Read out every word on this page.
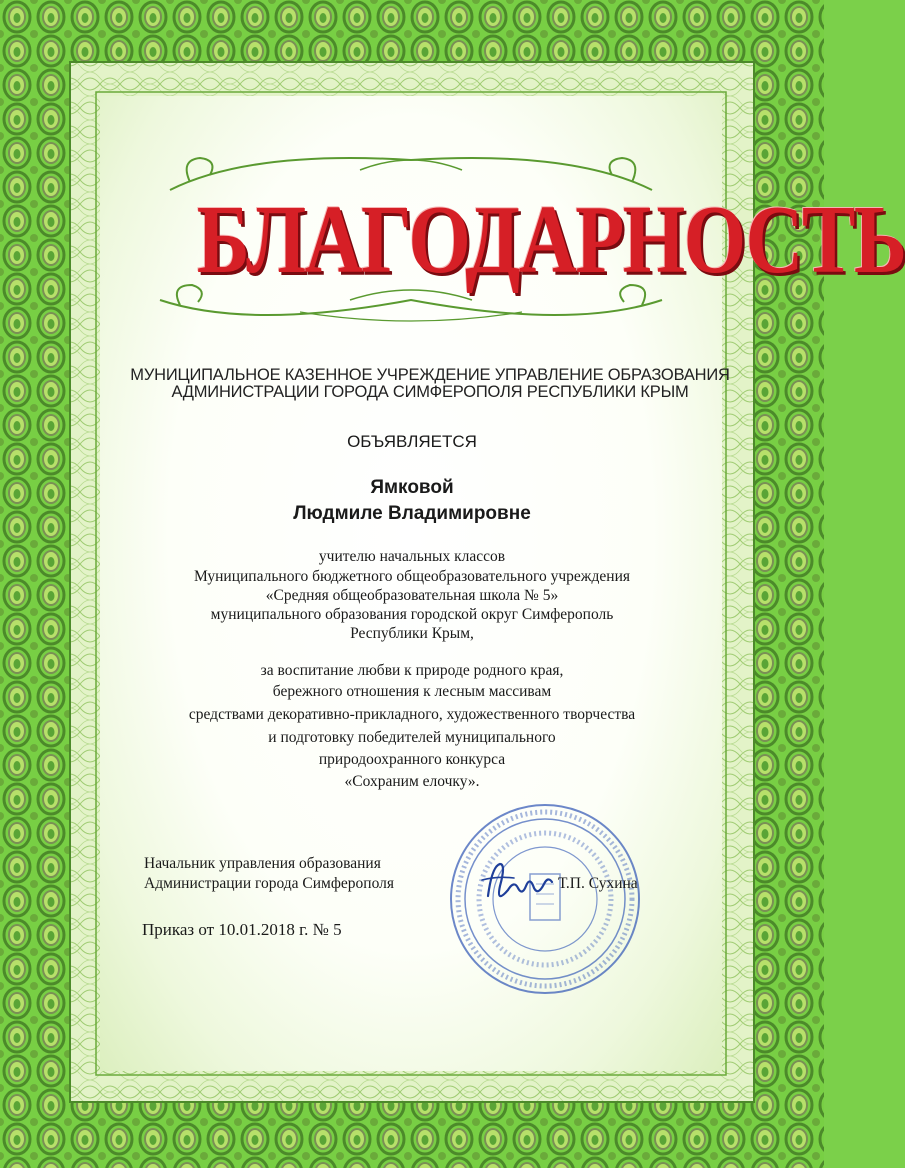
БЛАГОДАРНОСТЬ
МУНИЦИПАЛЬНОЕ КАЗЕННОЕ УЧРЕЖДЕНИЕ УПРАВЛЕНИЕ ОБРАЗОВАНИЯ
АДМИНИСТРАЦИИ ГОРОДА СИМФЕРОПОЛЯ РЕСПУБЛИКИ КРЫМ
ОБЪЯВЛЯЕТСЯ
Ямковой
Людмиле Владимировне
учителю начальных классов
Муниципального бюджетного общеобразовательного учреждения
«Средняя общеобразовательная школа № 5»
муниципального образования городской округ Симферополь
Республики Крым,
за воспитание любви к природе родного края,
бережного отношения к лесным массивам
средствами декоративно-прикладного, художественного творчества
и подготовку победителей муниципального
природоохранного конкурса
«Сохраним елочку».
Начальник управления образования
Администрации города Симферополя	Т.П. Сухина
Приказ от 10.01.2018 г. № 5
